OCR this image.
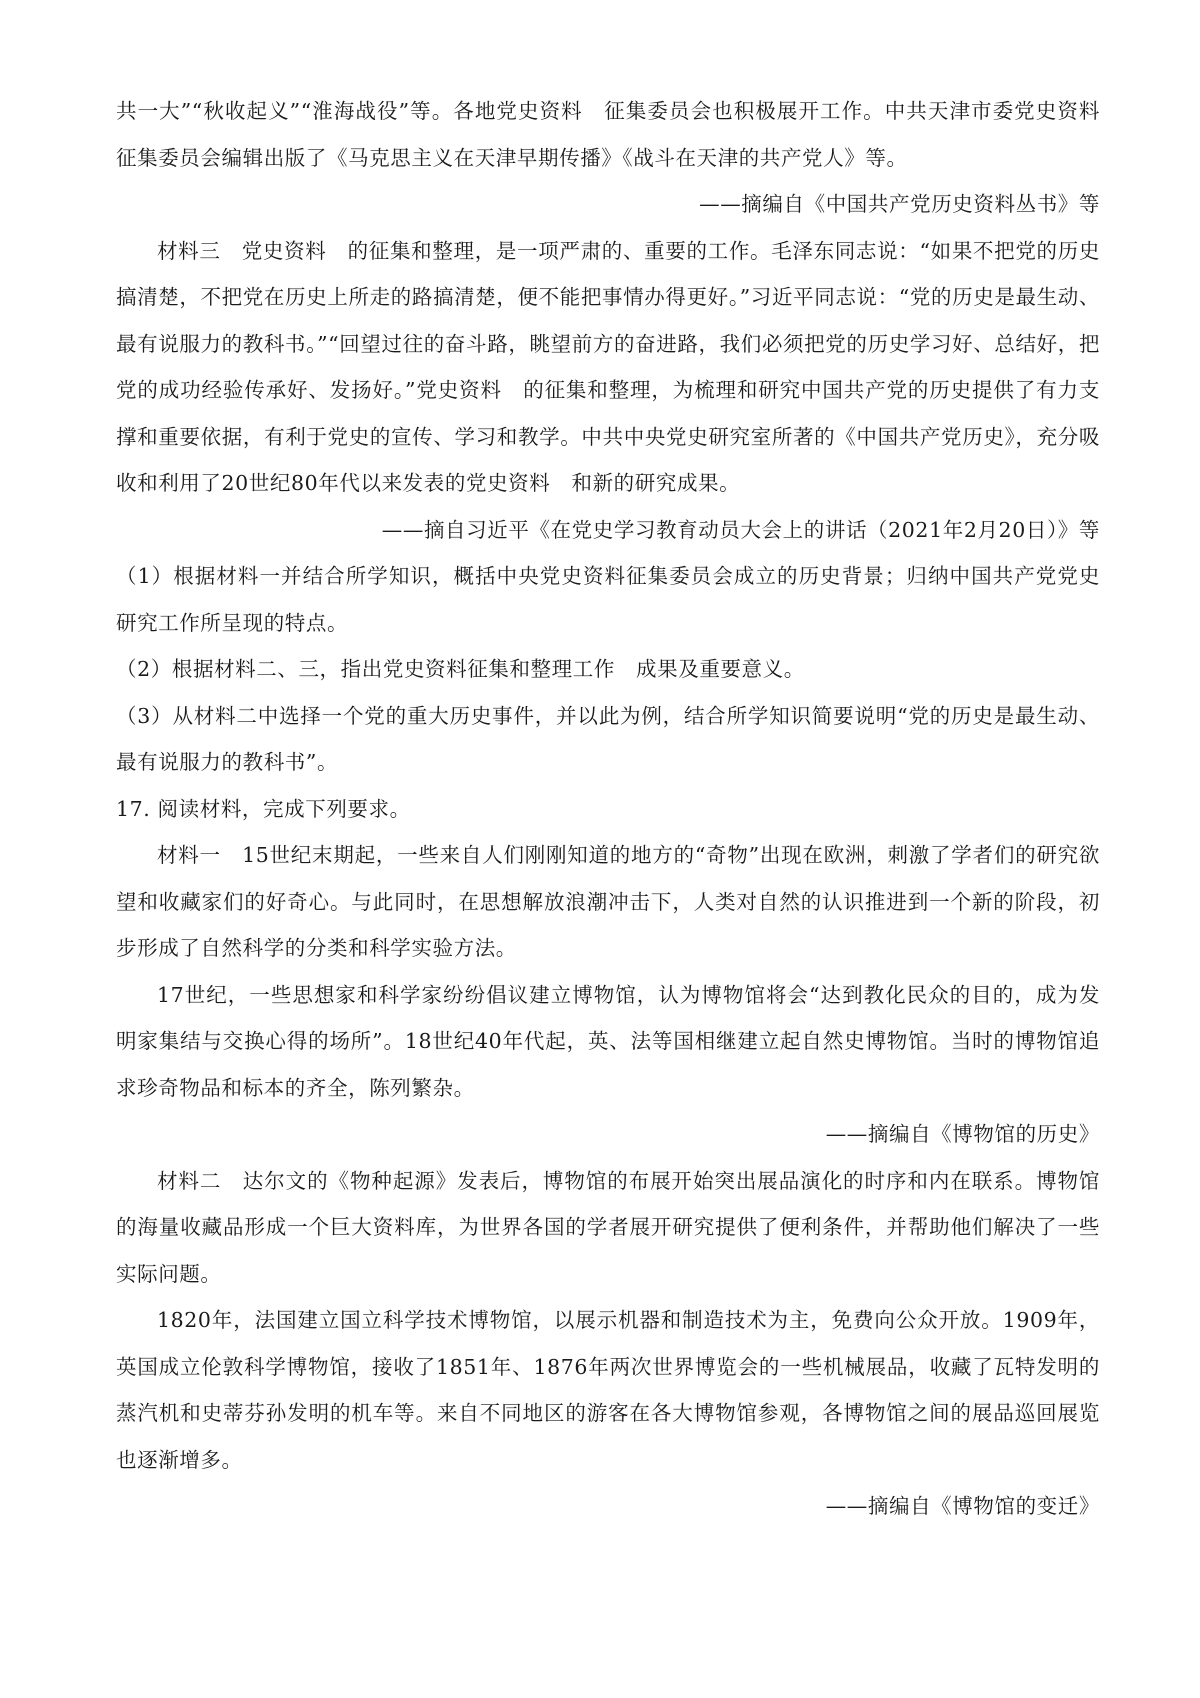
共一大”“秋收起义”“淮海战役”等。各地党史资料　征集委员会也积极展开工作。中共天津市委党史资料　征集委员会编辑出版了《马克思主义在天津早期传播》《战斗在天津的共产党人》等。

——摘编自《中国共产党历史资料丛书》等

材料三　党史资料　的征集和整理，是一项严肃的、重要的工作。毛泽东同志说：“如果不把党的历史搞清楚，不把党在历史上所走的路搞清楚，便不能把事情办得更好。”习近平同志说：“党的历史是最生动、最有说服力的教科书。”“回望过往的奋斗路，眺望前方的奋进路，我们必须把党的历史学习好、总结好，把党的成功经验传承好、发扬好。”党史资料　的征集和整理，为梳理和研究中国共产党的历史提供了有力支撑和重要依据，有利于党史的宣传、学习和教学。中共中央党史研究室所著的《中国共产党历史》，充分吸收和利用了20世纪80年代以来发表的党史资料　和新的研究成果。

——摘自习近平《在党史学习教育动员大会上的讲话（2021年2月20日）》等

（1）根据材料一并结合所学知识，概括中央党史资料征集委员会成立的历史背景；归纳中国共产党党史研究工作所呈现的特点。

（2）根据材料二、三，指出党史资料征集和整理工作　成果及重要意义。

（3）从材料二中选择一个党的重大历史事件，并以此为例，结合所学知识简要说明“党的历史是最生动、最有说服力的教科书”。

17. 阅读材料，完成下列要求。

材料一　15世纪末期起，一些来自人们刚刚知道的地方的“奇物”出现在欧洲，刺激了学者们的研究欲望和收藏家们的好奇心。与此同时，在思想解放浪潮冲击下，人类对自然的认识推进到一个新的阶段，初步形成了自然科学的分类和科学实验方法。

17世纪，一些思想家和科学家纷纷倡议建立博物馆，认为博物馆将会“达到教化民众的目的，成为发明家集结与交换心得的场所”。18世纪40年代起，英、法等国相继建立起自然史博物馆。当时的博物馆追求珍奇物品和标本的齐全，陈列繁杂。

——摘编自《博物馆的历史》

材料二　达尔文的《物种起源》发表后，博物馆的布展开始突出展品演化的时序和内在联系。博物馆的海量收藏品形成一个巨大资料库，为世界各国的学者展开研究提供了便利条件，并帮助他们解决了一些实际问题。

1820年，法国建立国立科学技术博物馆，以展示机器和制造技术为主，免费向公众开放。1909年，英国成立伦敦科学博物馆，接收了1851年、1876年两次世界博览会的一些机械展品，收藏了瓦特发明的蒸汽机和史蒂芬孙发明的机车等。来自不同地区的游客在各大博物馆参观，各博物馆之间的展品巡回展览也逐渐增多。

——摘编自《博物馆的变迁》
